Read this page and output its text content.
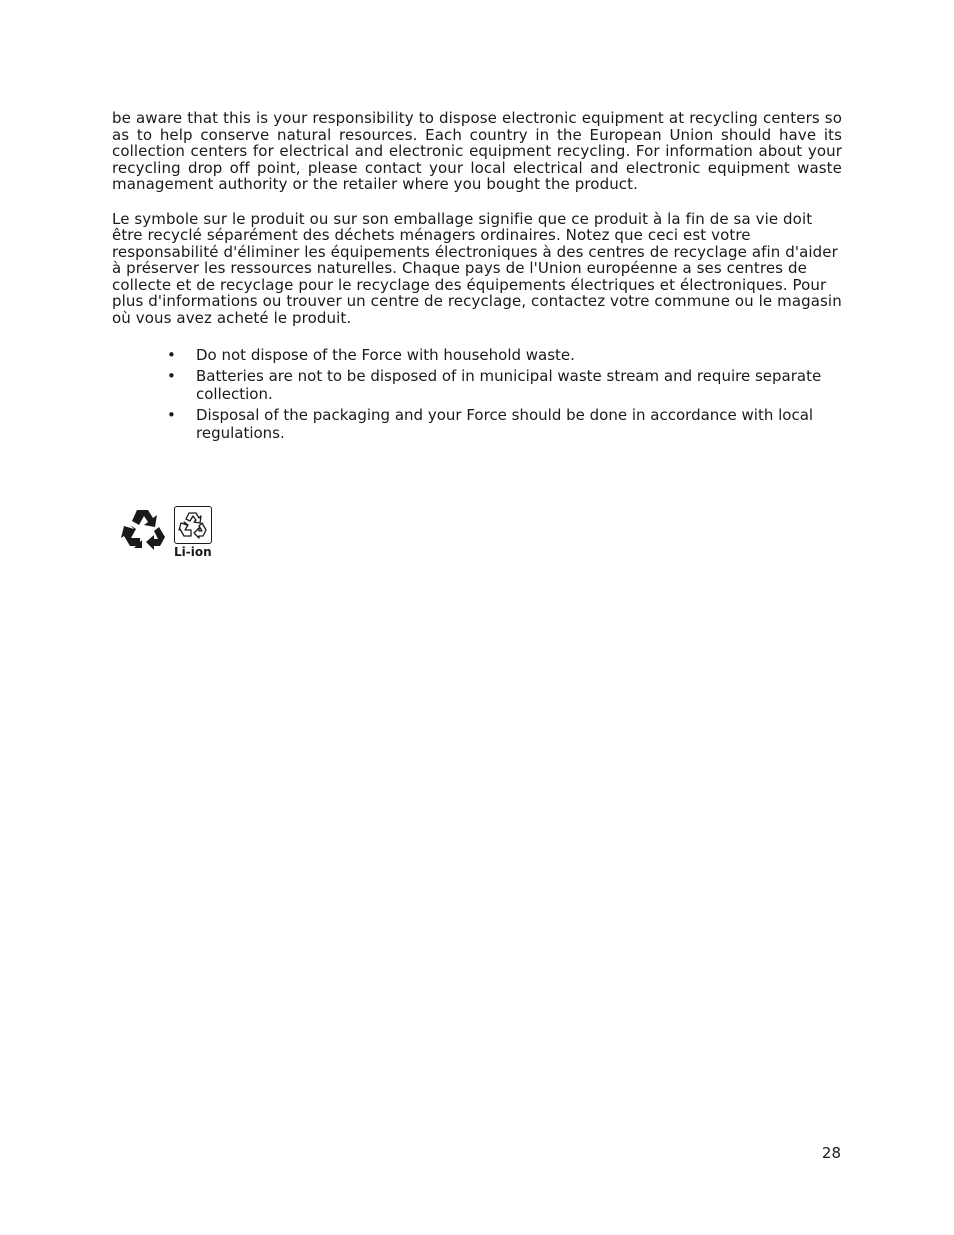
be aware that this is your responsibility to dispose electronic equipment at recycling centers so as to help conserve natural resources. Each country in the European Union should have its collection centers for electrical and electronic equipment recycling. For information about your recycling drop off point, please contact your local electrical and electronic equipment waste management authority or the retailer where you bought the product.

Le symbole sur le produit ou sur son emballage signifie que ce produit à la fin de sa vie doit être recyclé séparément des déchets ménagers ordinaires. Notez que ceci est votre responsabilité d'éliminer les équipements électroniques à des centres de recyclage afin d'aider à préserver les ressources naturelles. Chaque pays de l'Union européenne a ses centres de collecte et de recyclage pour le recyclage des équipements électriques et électroniques. Pour plus d'informations ou trouver un centre de recyclage, contactez votre commune ou le magasin où vous avez acheté le produit.

• Do not dispose of the Force with household waste.
• Batteries are not to be disposed of in municipal waste stream and require separate collection.
• Disposal of the packaging and your Force should be done in accordance with local regulations.
Li-ion
28
